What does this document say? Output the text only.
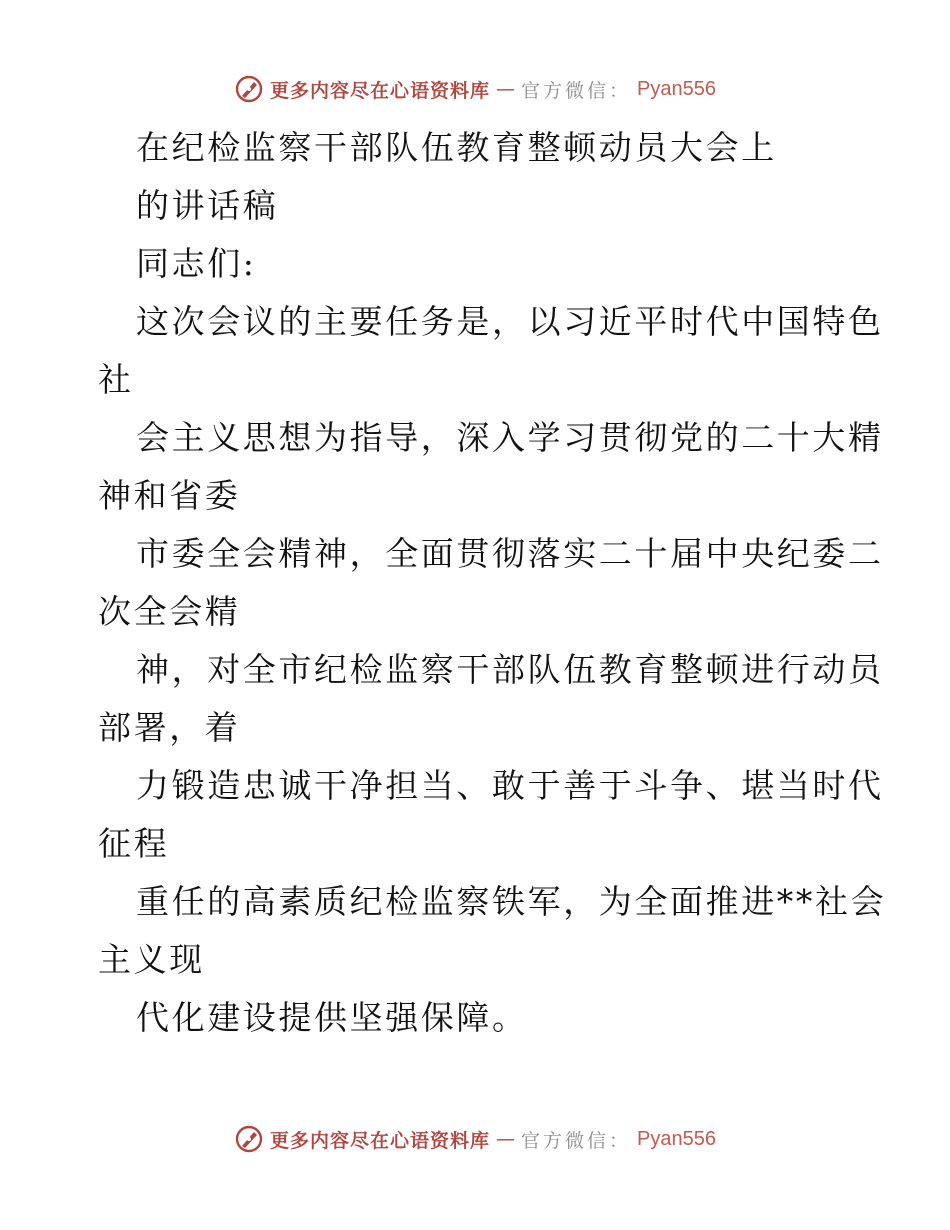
更多内容尽在心语资料库 — 官方微信： Pyan556
在纪检监察干部队伍教育整顿动员大会上
的讲话稿
同志们:
这次会议的主要任务是，以习近平时代中国特色
社
会主义思想为指导，深入学习贯彻党的二十大精
神和省委
市委全会精神，全面贯彻落实二十届中央纪委二
次全会精
神，对全市纪检监察干部队伍教育整顿进行动员
部署，着
力锻造忠诚干净担当、敢于善于斗争、堪当时代
征程
重任的高素质纪检监察铁军，为全面推进**社会
主义现
代化建设提供坚强保障。
更多内容尽在心语资料库 — 官方微信： Pyan556
